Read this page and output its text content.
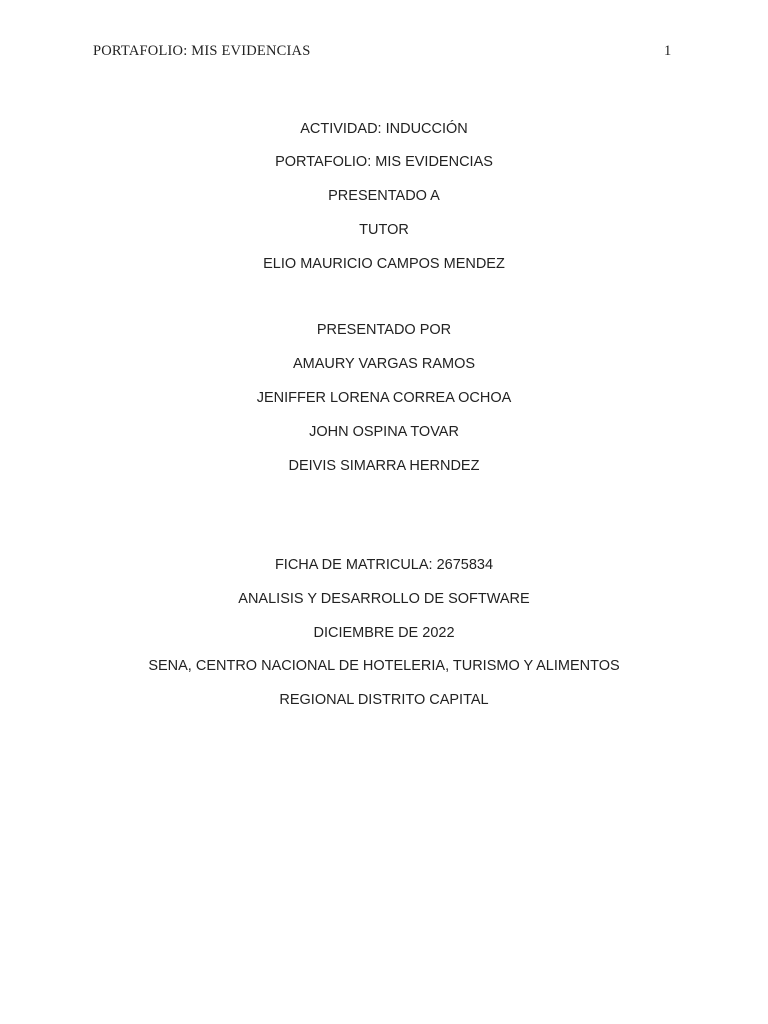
PORTAFOLIO: MIS EVIDENCIAS	1
ACTIVIDAD: INDUCCIÓN
PORTAFOLIO: MIS EVIDENCIAS
PRESENTADO A
TUTOR
ELIO MAURICIO CAMPOS MENDEZ
PRESENTADO POR
AMAURY VARGAS RAMOS
JENIFFER LORENA CORREA OCHOA
JOHN OSPINA TOVAR
DEIVIS SIMARRA HERNDEZ
FICHA DE MATRICULA: 2675834
ANALISIS Y DESARROLLO DE SOFTWARE
DICIEMBRE DE 2022
SENA, CENTRO NACIONAL DE HOTELERIA, TURISMO Y ALIMENTOS
REGIONAL DISTRITO CAPITAL
